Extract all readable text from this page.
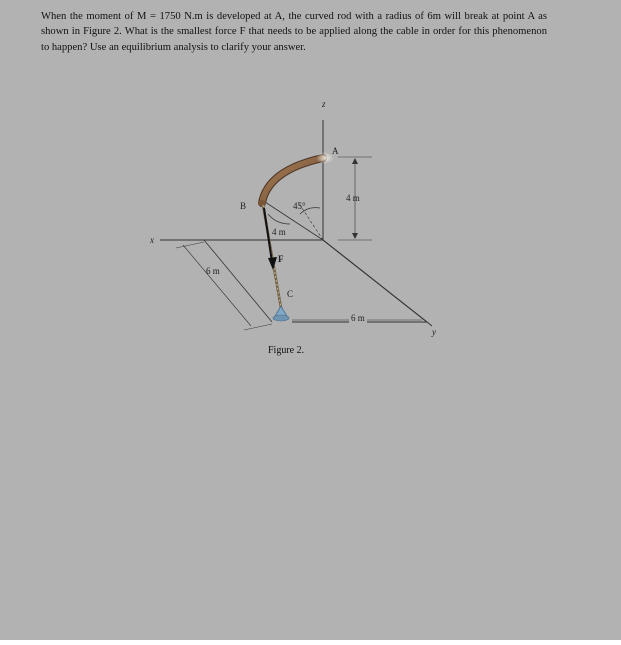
When the moment of M = 1750 N.m is developed at A, the curved rod with a radius of 6m will break at point A as shown in Figure 2. What is the smallest force F that needs to be applied along the cable in order for this phenomenon to happen? Use an equilibrium analysis to clarify your answer.
z
A
B	45°
4 m
4 m
x
F
6 m
C
6 m
y
Figure 2.
